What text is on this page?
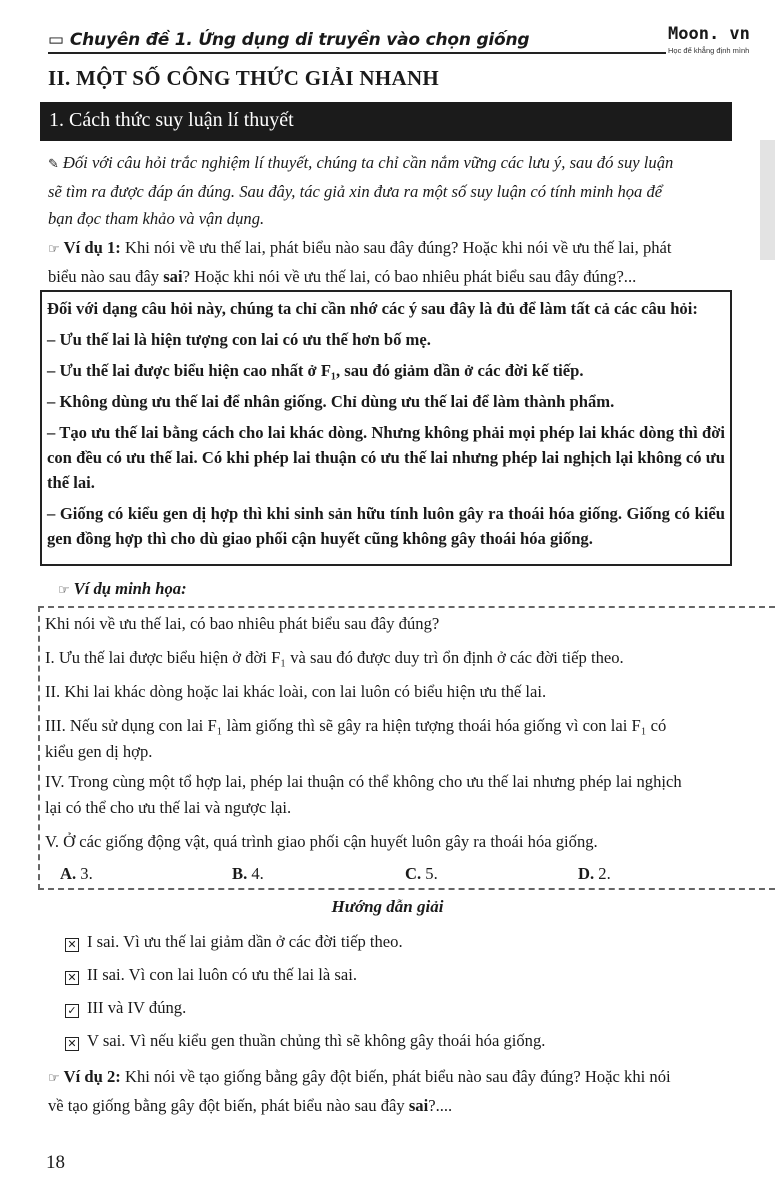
▭ Chuyên đề 1. Ứng dụng di truyền vào chọn giống	Moon. vn
Học để khẳng định mình
II. MỘT SỐ CÔNG THỨC GIẢI NHANH
1. Cách thức suy luận lí thuyết
✎ Đối với câu hỏi trắc nghiệm lí thuyết, chúng ta chỉ cần nắm vững các lưu ý, sau đó suy luận
sẽ tìm ra được đáp án đúng. Sau đây, tác giả xin đưa ra một số suy luận có tính minh họa để
bạn đọc tham khảo và vận dụng.
☞ Ví dụ 1: Khi nói về ưu thế lai, phát biểu nào sau đây đúng? Hoặc khi nói về ưu thế lai, phát
biểu nào sau đây sai? Hoặc khi nói về ưu thế lai, có bao nhiêu phát biểu sau đây đúng?...
Đối với dạng câu hỏi này, chúng ta chỉ cần nhớ các ý sau đây là đủ để làm tất cả các câu hỏi:
– Ưu thế lai là hiện tượng con lai có ưu thế hơn bố mẹ.
– Ưu thế lai được biểu hiện cao nhất ở F₁, sau đó giảm dần ở các đời kế tiếp.
– Không dùng ưu thế lai để nhân giống. Chỉ dùng ưu thế lai để làm thành phẩm.
– Tạo ưu thế lai bằng cách cho lai khác dòng. Nhưng không phải mọi phép lai khác dòng thì đời con đều có ưu thế lai. Có khi phép lai thuận có ưu thế lai nhưng phép lai nghịch lại không có ưu thế lai.
– Giống có kiểu gen dị hợp thì khi sinh sản hữu tính luôn gây ra thoái hóa giống. Giống có kiểu gen đồng hợp thì cho dù giao phối cận huyết cũng không gây thoái hóa giống.
☞ Ví dụ minh họa:
Khi nói về ưu thế lai, có bao nhiêu phát biểu sau đây đúng?
I. Ưu thế lai được biểu hiện ở đời F₁ và sau đó được duy trì ổn định ở các đời tiếp theo.
II. Khi lai khác dòng hoặc lai khác loài, con lai luôn có biểu hiện ưu thế lai.
III. Nếu sử dụng con lai F₁ làm giống thì sẽ gây ra hiện tượng thoái hóa giống vì con lai F₁ có
kiểu gen dị hợp.
IV. Trong cùng một tổ hợp lai, phép lai thuận có thể không cho ưu thế lai nhưng phép lai nghịch
lại có thể cho ưu thế lai và ngược lại.
V. Ở các giống động vật, quá trình giao phối cận huyết luôn gây ra thoái hóa giống.
A. 3.	B. 4.	C. 5.	D. 2.
Hướng dẫn giải
✕ I sai. Vì ưu thế lai giảm dần ở các đời tiếp theo.
✕ II sai. Vì con lai luôn có ưu thế lai là sai.
✓ III và IV đúng.
✕ V sai. Vì nếu kiểu gen thuần chủng thì sẽ không gây thoái hóa giống.
☞ Ví dụ 2: Khi nói về tạo giống bằng gây đột biến, phát biểu nào sau đây đúng? Hoặc khi nói
về tạo giống bằng gây đột biến, phát biểu nào sau đây sai?....
18
